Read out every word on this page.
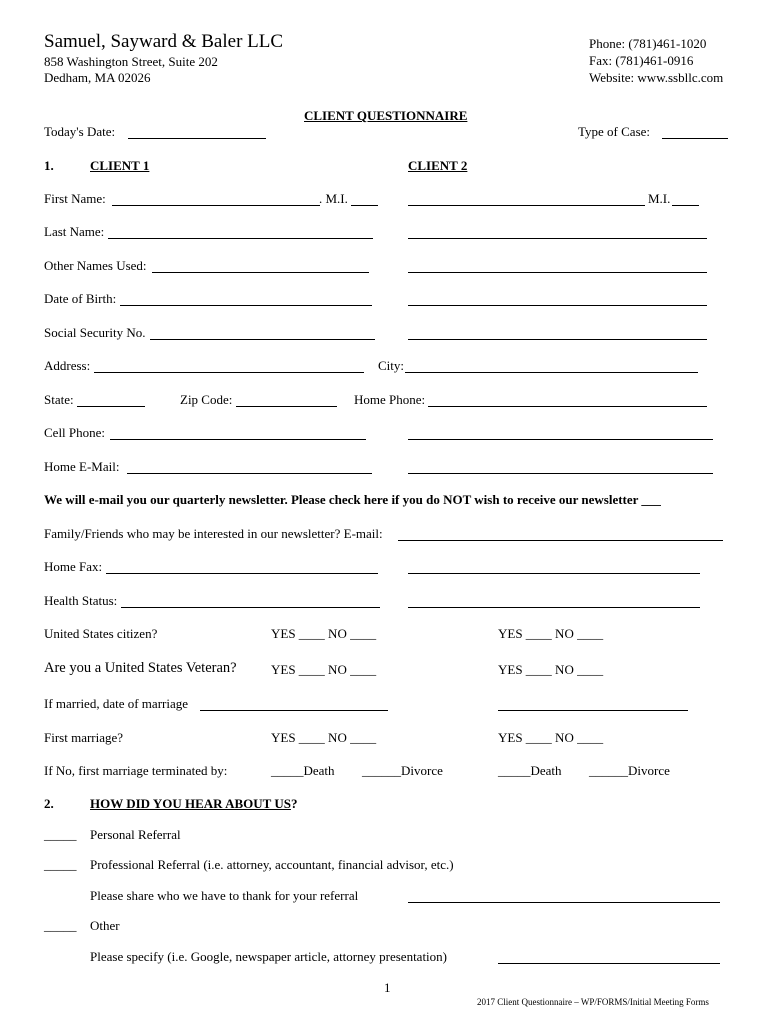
Samuel, Sayward & Baler LLC
858 Washington Street, Suite 202
Dedham, MA 02026
Phone: (781)461-1020
Fax: (781)461-0916
Website: www.ssbllc.com
CLIENT QUESTIONNAIRE
Today's Date:	Type of Case:
1.	CLIENT 1	CLIENT 2
First Name:	. M.I.	M.I.
Last Name:
Other Names Used:
Date of Birth:
Social Security No.
Address:	City:
State:	Zip Code:	Home Phone:
Cell Phone:
Home E-Mail:
We will e-mail you our quarterly newsletter. Please check here if you do NOT wish to receive our newsletter ___
Family/Friends who may be interested in our newsletter? E-mail:
Home Fax:
Health Status:
United States citizen?	YES ____ NO ____	YES ____ NO ____
Are you a United States Veteran?	YES ____ NO ____	YES ____ NO ____
If married, date of marriage
First marriage?	YES ____ NO ____	YES ____ NO ____
If No, first marriage terminated by:	_____Death ______Divorce	_____Death ______Divorce
2.	HOW DID YOU HEAR ABOUT US?
_____ Personal Referral
_____ Professional Referral (i.e. attorney, accountant, financial advisor, etc.)
Please share who we have to thank for your referral
_____ Other
Please specify (i.e. Google, newspaper article, attorney presentation)
1
2017 Client Questionnaire – WP/FORMS/Initial Meeting Forms
